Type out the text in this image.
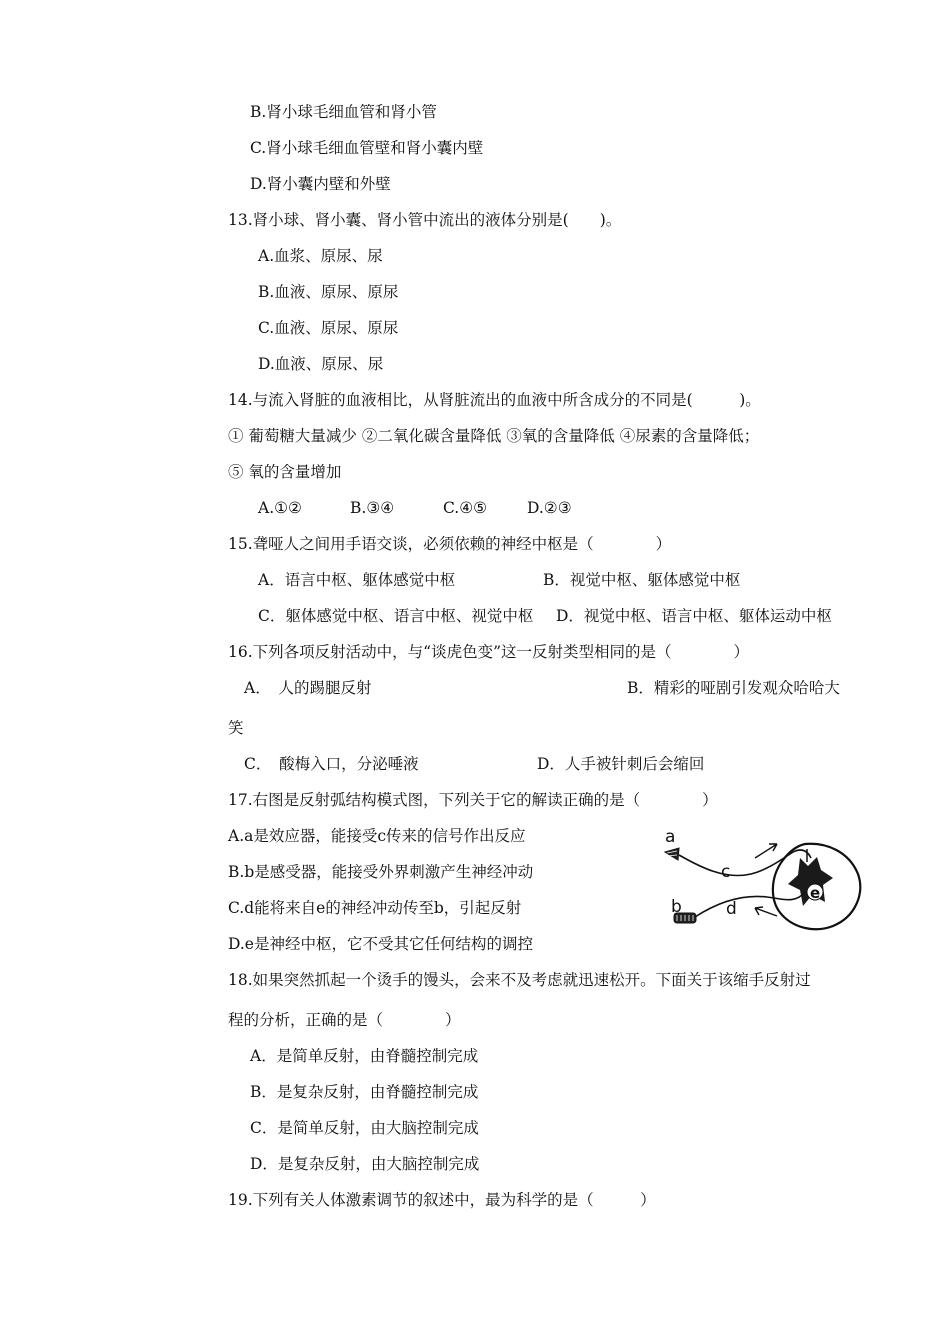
B.肾小球毛细血管和肾小管

C.肾小球毛细血管壁和肾小囊内壁

D.肾小囊内壁和外壁

13.肾小球、肾小囊、肾小管中流出的液体分别是(　　)。

A.血浆、原尿、尿

B.血液、原尿、原尿

C.血液、原尿、原尿

D.血液、原尿、尿

14.与流入肾脏的血液相比，从肾脏流出的血液中所含成分的不同是(　　　)。

① 葡萄糖大量减少 ②二氧化碳含量降低 ③氧的含量降低 ④尿素的含量降低；

⑤ 氧的含量增加

A.①②	B.③④	C.④⑤	D.②③

15.聋哑人之间用手语交谈，必须依赖的神经中枢是（　　　　）

A．语言中枢、躯体感觉中枢	B．视觉中枢、躯体感觉中枢

C．躯体感觉中枢、语言中枢、视觉中枢 D．视觉中枢、语言中枢、躯体运动中枢

16.下列各项反射活动中，与“谈虎色变”这一反射类型相同的是（　　　　）

A．　人的踢腿反射	B．精彩的哑剧引发观众哈哈大

笑

C．　酸梅入口，分泌唾液	D．人手被针刺后会缩回

17.右图是反射弧结构模式图，下列关于它的解读正确的是（　　　　）

A.a是效应器，能接受c传来的信号作出反应

B.b是感受器，能接受外界刺激产生神经冲动

C.d能将来自e的神经冲动传至b，引起反射

D.e是神经中枢，它不受其它任何结构的调控

a
b
c
d
e

18.如果突然抓起一个烫手的馒头，会来不及考虑就迅速松开。下面关于该缩手反射过

程的分析，正确的是（　　　　）

A．是简单反射，由脊髓控制完成

B．是复杂反射，由脊髓控制完成

C．是简单反射，由大脑控制完成

D．是复杂反射，由大脑控制完成

19.下列有关人体激素调节的叙述中，最为科学的是（　　　）
